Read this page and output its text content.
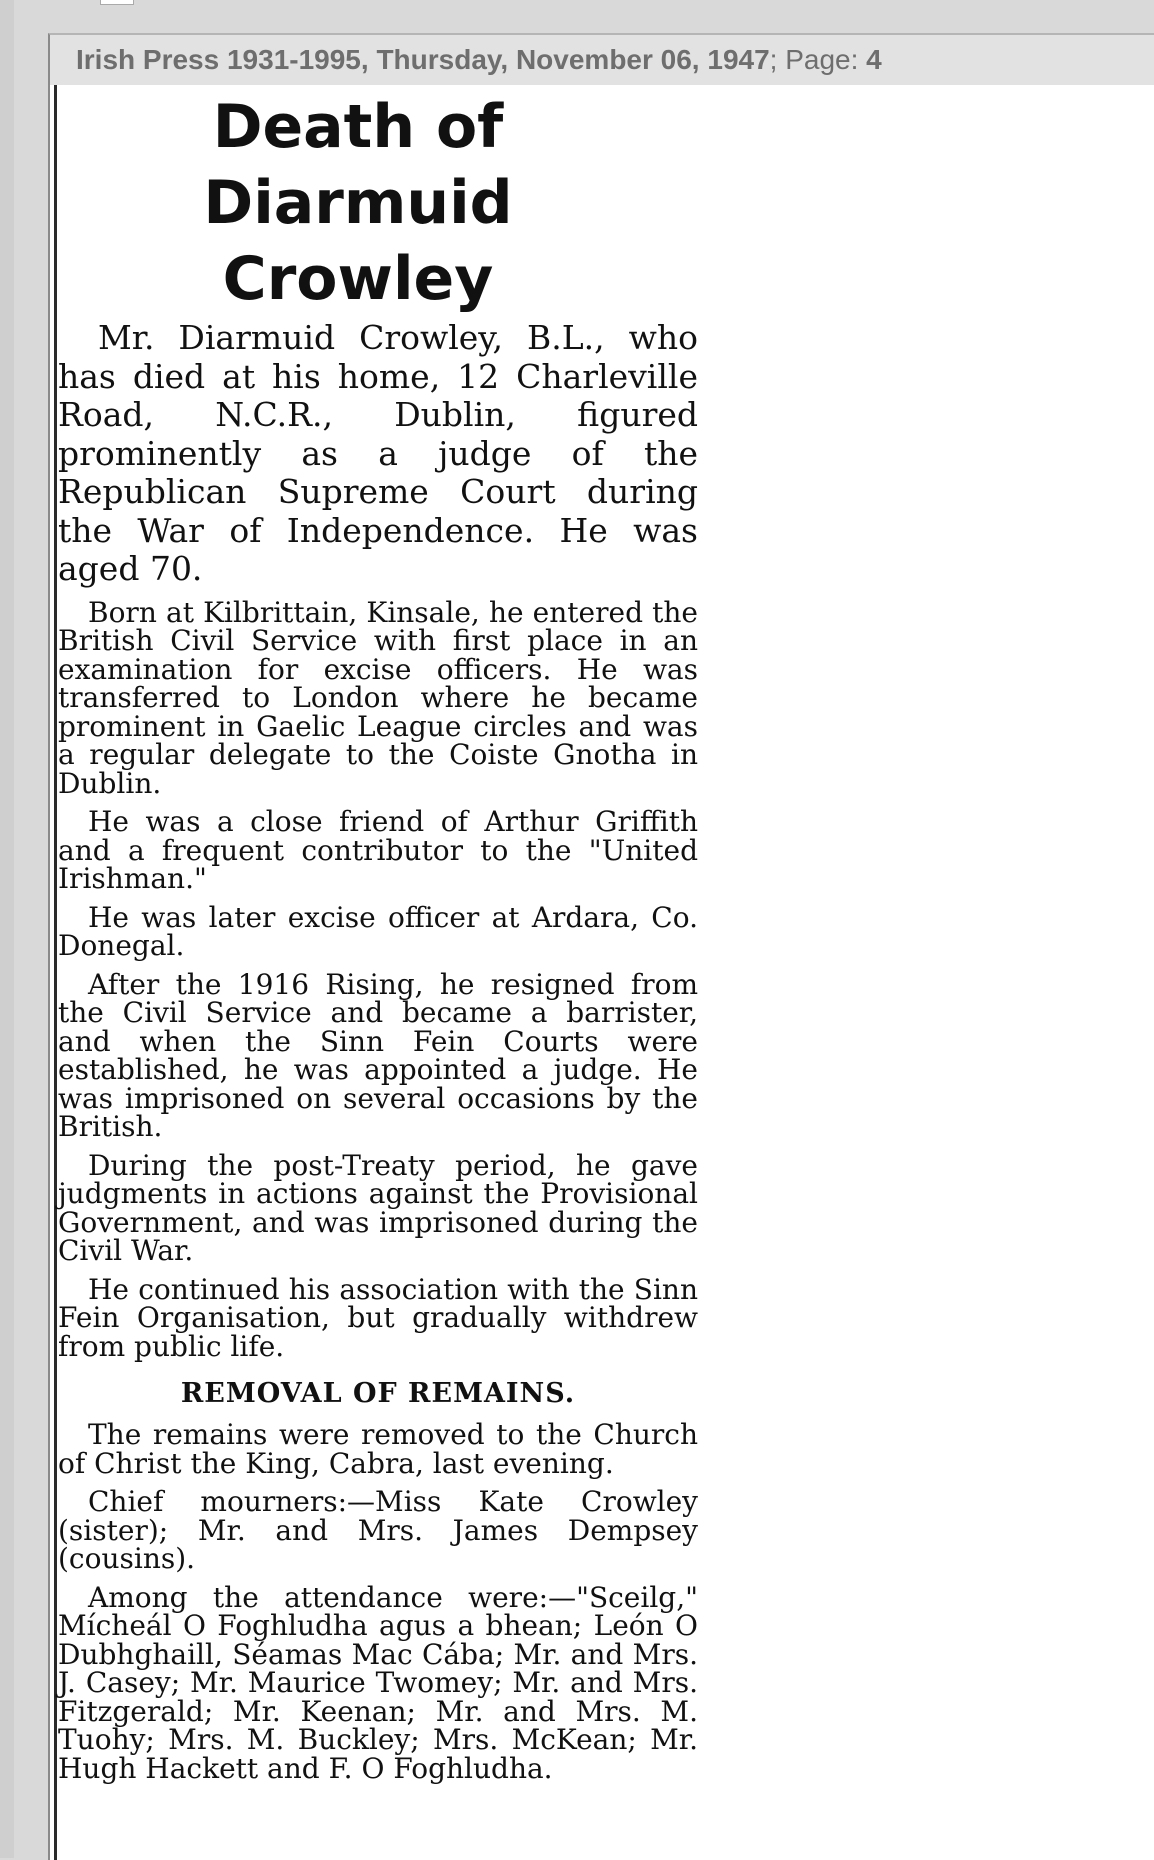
Irish Press 1931-1995, Thursday, November 06, 1947; Page: 4
Death of Diarmuid Crowley

Mr. Diarmuid Crowley, B.L., who has died at his home, 12 Charleville Road, N.C.R., Dublin, figured prominently as a judge of the Republican Supreme Court during the War of Independence. He was aged 70.

Born at Kilbrittain, Kinsale, he entered the British Civil Service with first place in an examination for excise officers. He was transferred to London where he became prominent in Gaelic League circles and was a regular delegate to the Coiste Gnotha in Dublin.

He was a close friend of Arthur Griffith and a frequent contributor to the "United Irishman."

He was later excise officer at Ardara, Co. Donegal.

After the 1916 Rising, he resigned from the Civil Service and became a barrister, and when the Sinn Fein Courts were established, he was appointed a judge. He was imprisoned on several occasions by the British.

During the post-Treaty period, he gave judgments in actions against the Provisional Government, and was imprisoned during the Civil War.

He continued his association with the Sinn Fein Organisation, but gradually withdrew from public life.

REMOVAL OF REMAINS.

The remains were removed to the Church of Christ the King, Cabra, last evening.

Chief mourners:—Miss Kate Crowley (sister); Mr. and Mrs. James Dempsey (cousins).

Among the attendance were:—"Sceilg," Mícheál O Foghludha agus a bhean; León O Dubhghaill, Séamas Mac Cába; Mr. and Mrs. J. Casey; Mr. Maurice Twomey; Mr. and Mrs. Fitzgerald; Mr. Keenan; Mr. and Mrs. M. Tuohy; Mrs. M. Buckley; Mrs. McKean; Mr. Hugh Hackett and F. O Foghludha.
